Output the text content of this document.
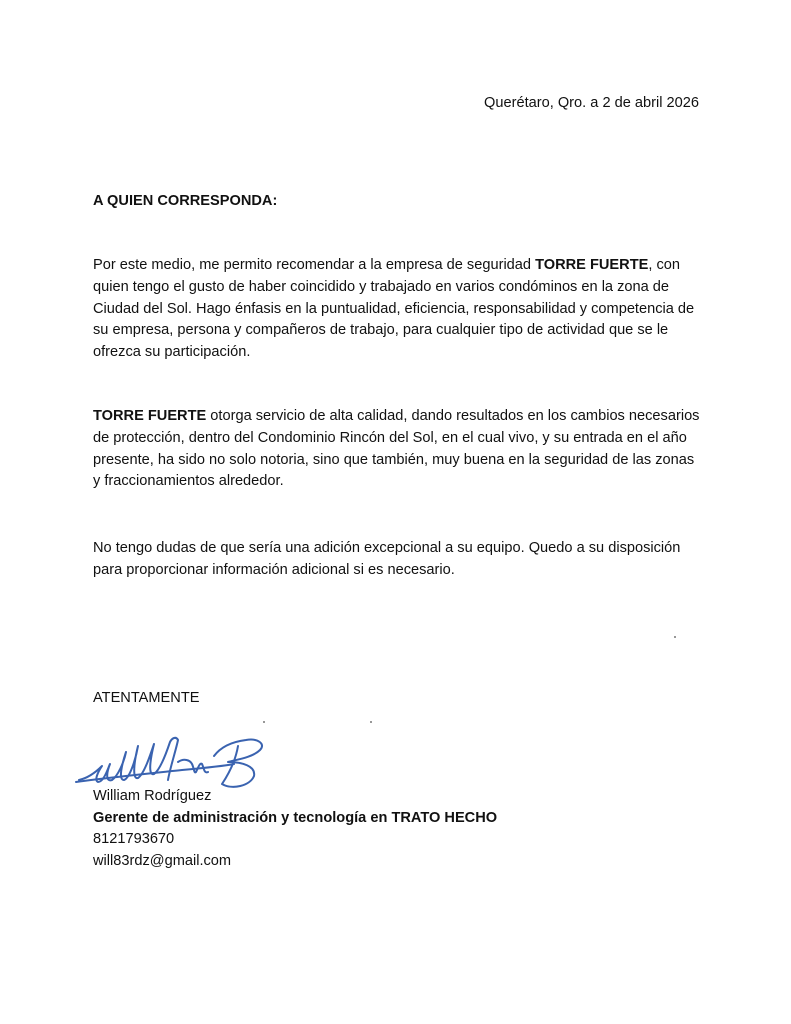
Querétaro, Qro. a 2 de abril 2026
A QUIEN CORRESPONDA:

Por este medio, me permito recomendar a la empresa de seguridad TORRE FUERTE, con quien tengo el gusto de haber coincidido y trabajado en varios condóminos en la zona de Ciudad del Sol. Hago énfasis en la puntualidad, eficiencia, responsabilidad y competencia de su empresa, persona y compañeros de trabajo, para cualquier tipo de actividad que se le ofrezca su participación.

TORRE FUERTE otorga servicio de alta calidad, dando resultados en los cambios necesarios de protección, dentro del Condominio Rincón del Sol, en el cual vivo, y su entrada en el año presente, ha sido no solo notoria, sino que también, muy buena en la seguridad de las zonas y fraccionamientos alrededor.

No tengo dudas de que sería una adición excepcional a su equipo. Quedo a su disposición para proporcionar información adicional si es necesario.

ATENTAMENTE
William Rodríguez
Gerente de administración y tecnología en TRATO HECHO
8121793670
will83rdz@gmail.com
